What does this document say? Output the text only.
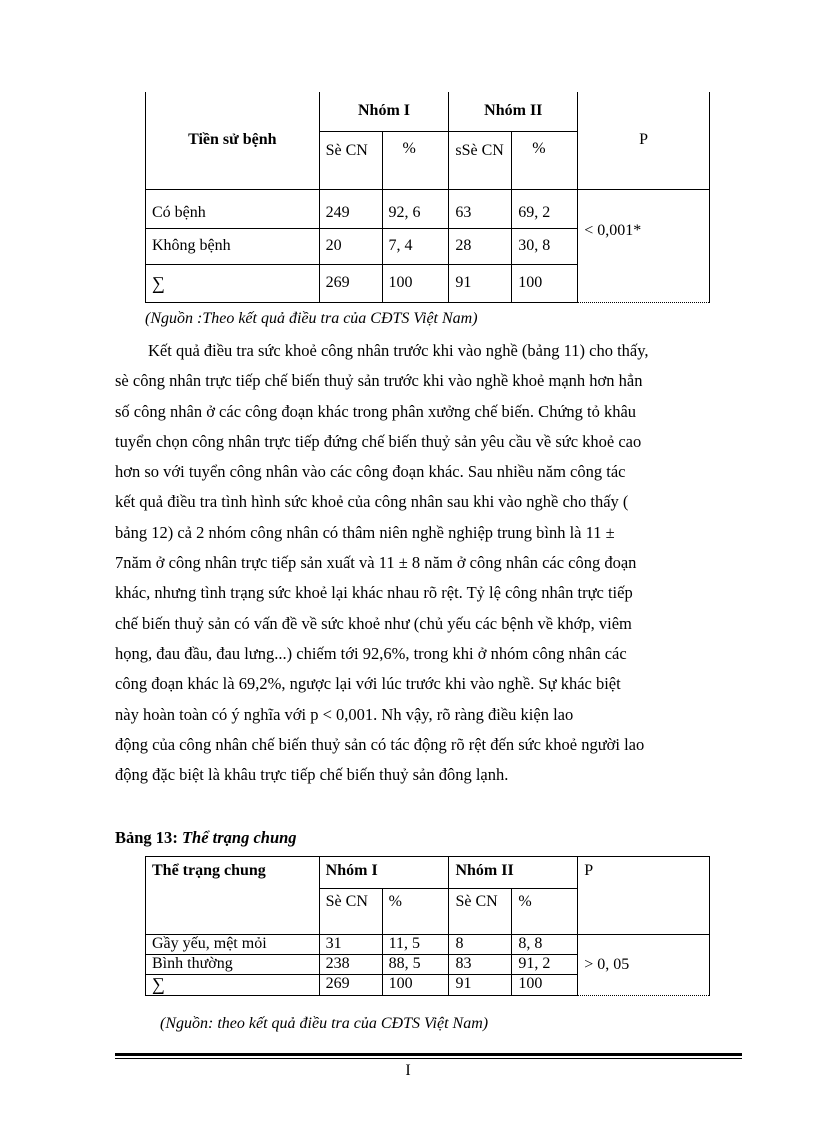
Tiền sử bệnh	Nhóm I		Nhóm II		P
	Sè CN	%	sSè CN	%	
Có bệnh	249	92, 6	63	69, 2	< 0,001*
Không bệnh	20	7, 4	28	30, 8	
∑	269	100	91	100	
(Nguồn :Theo kết quả điều tra của CĐTS Việt Nam)

Kết quả điều tra sức khoẻ công nhân trước khi vào nghề (bảng 11) cho thấy,

sè công nhân trực tiếp chế biến thuỷ sản trước khi vào nghề khoẻ mạnh hơn hẳn

số công nhân ở các công đoạn khác trong phân xưởng chế biến. Chứng tỏ khâu

tuyển chọn công nhân trực tiếp đứng chế biến thuỷ sản yêu cầu về sức khoẻ cao

hơn so với tuyển công nhân vào các công đoạn khác. Sau nhiều năm công tác

kết quả điều tra tình hình sức khoẻ của công nhân sau khi vào nghề cho thấy (

bảng 12) cả 2 nhóm công nhân có thâm niên nghề nghiệp trung bình là 11 ±

7năm ở công nhân trực tiếp sản xuất và 11 ± 8 năm ở công nhân các công đoạn

khác, nhưng tình trạng sức khoẻ lại khác nhau rõ rệt. Tỷ lệ công nhân trực tiếp

chế biến thuỷ sản có vấn đề về sức khoẻ như (chủ yếu các bệnh về khớp, viêm

họng, đau đầu, đau lưng...) chiếm tới 92,6%, trong khi ở nhóm công nhân các

công đoạn khác là 69,2%, ngược lại với lúc trước khi vào nghề. Sự khác biệt

này hoàn toàn có ý nghĩa với p < 0,001. Nh vậy, rõ ràng điều kiện lao

động của công nhân chế biến thuỷ sản có tác động rõ rệt đến sức khoẻ người lao

động đặc biệt là khâu trực tiếp chế biến thuỷ sản đông lạnh.

Bảng 13: Thể trạng chung
Thể trạng chung	Nhóm I		Nhóm II		P
	Sè CN	%	Sè CN	%	
Gầy yếu, mệt mỏi	31	11, 5	8	8, 8	> 0, 05
Bình thường	238	88, 5	83	91, 2	
∑	269	100	91	100	
(Nguồn: theo kết quả điều tra của CĐTS Việt Nam)
I
